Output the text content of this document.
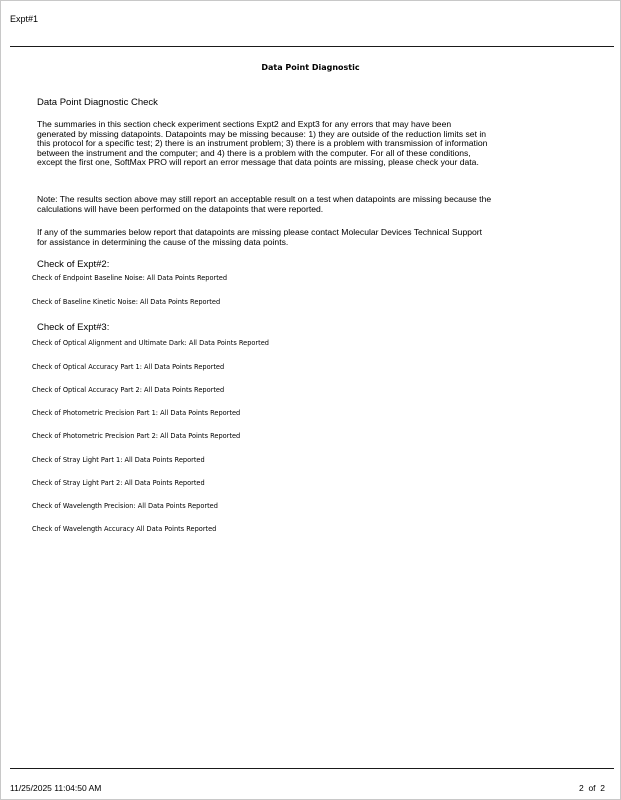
Expt#1
Data Point Diagnostic
Data Point Diagnostic Check

The summaries in this section check experiment sections Expt2 and Expt3 for any errors that may have been generated by missing datapoints. Datapoints may be missing because: 1) they are outside of the reduction limits set in this protocol for a specific test; 2) there is an instrument problem; 3) there is a problem with transmission of information between the instrument and the computer; and 4) there is a problem with the computer. For all of these conditions, except the first one, SoftMax PRO will report an error message that data points are missing, please check your data.

Note: The results section above may still report an acceptable result on a test when datapoints are missing because the calculations will have been performed on the datapoints that were reported.

If any of the summaries below report that datapoints are missing please contact Molecular Devices Technical Support for assistance in determining the cause of the missing data points.

Check of Expt#2:
Check of Endpoint Baseline Noise: All Data Points Reported
Check of Baseline Kinetic Noise: All Data Points Reported
Check of Expt#3:
Check of Optical Alignment and Ultimate Dark: All Data Points Reported
Check of Optical Accuracy Part 1: All Data Points Reported
Check of Optical Accuracy Part 2: All Data Points Reported
Check of Photometric Precision Part 1: All Data Points Reported
Check of Photometric Precision Part 2: All Data Points Reported
Check of Stray Light Part 1: All Data Points Reported
Check of Stray Light Part 2: All Data Points Reported
Check of Wavelength Precision: All Data Points Reported
Check of Wavelength Accuracy All Data Points Reported
11/25/2025 11:04:50 AM	2  of  2
